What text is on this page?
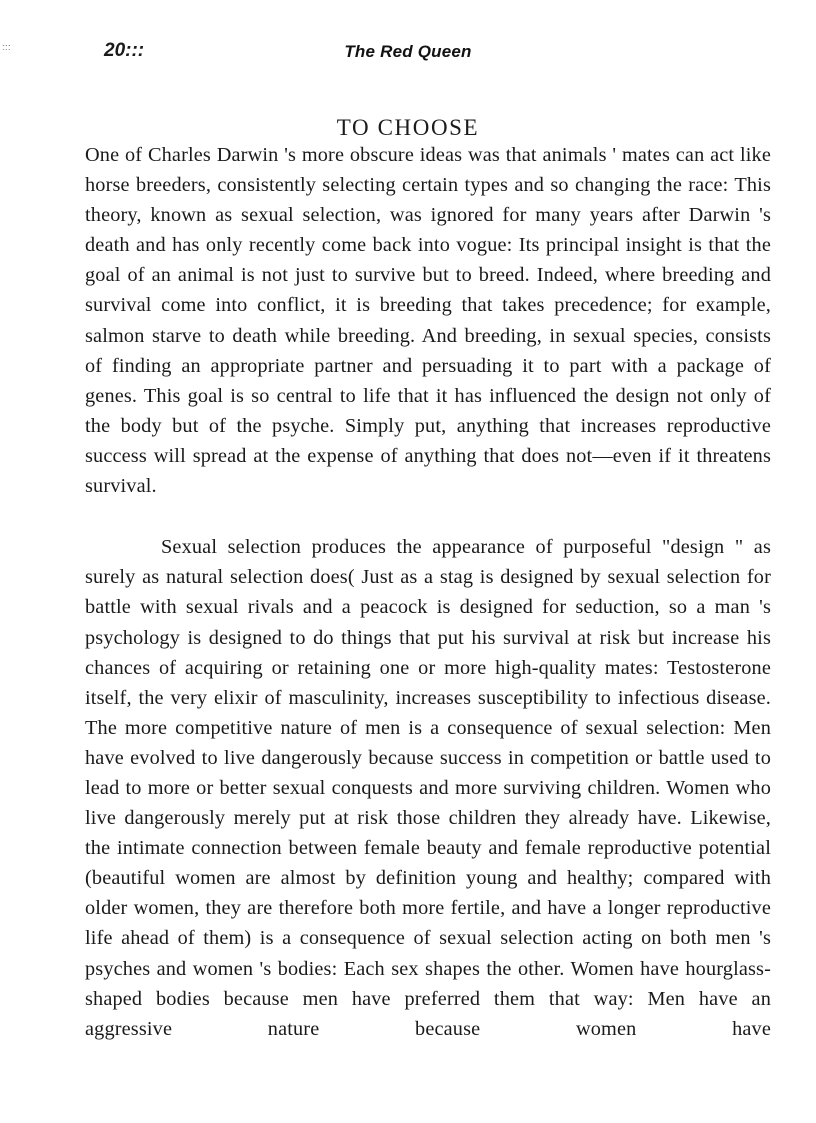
:::	20:::	The Red Queen
TO CHOOSE

One of Charles Darwin 's more obscure ideas was that animals ' mates can act like horse breeders, consistently selecting certain types and so changing the race: This theory, known as sexual selection, was ignored for many years after Darwin 's death and has only recently come back into vogue: Its principal insight is that the goal of an animal is not just to survive but to breed. Indeed, where breeding and survival come into conflict, it is breeding that takes precedence; for example, salmon starve to death while breeding. And breeding, in sexual species, consists of finding an appropriate partner and persuading it to part with a package of genes. This goal is so central to life that it has influenced the design not only of the body but of the psyche. Simply put, anything that increases reproductive success will spread at the expense of anything that does not—even if it threatens survival.

Sexual selection produces the appearance of purposeful "design " as surely as natural selection does( Just as a stag is designed by sexual selection for battle with sexual rivals and a peacock is designed for seduction, so a man 's psychology is designed to do things that put his survival at risk but increase his chances of acquiring or retaining one or more high-quality mates: Testosterone itself, the very elixir of masculinity, increases susceptibility to infectious disease. The more competitive nature of men is a consequence of sexual selection: Men have evolved to live dangerously because success in competition or battle used to lead to more or better sexual conquests and more surviving children. Women who live dangerously merely put at risk those children they already have. Likewise, the intimate connection between female beauty and female reproductive potential (beautiful women are almost by definition young and healthy; compared with older women, they are therefore both more fertile, and have a longer reproductive life ahead of them) is a consequence of sexual selection acting on both men 's psyches and women 's bodies: Each sex shapes the other. Women have hourglass-shaped bodies because men have preferred them that way: Men have an aggressive nature because women have
